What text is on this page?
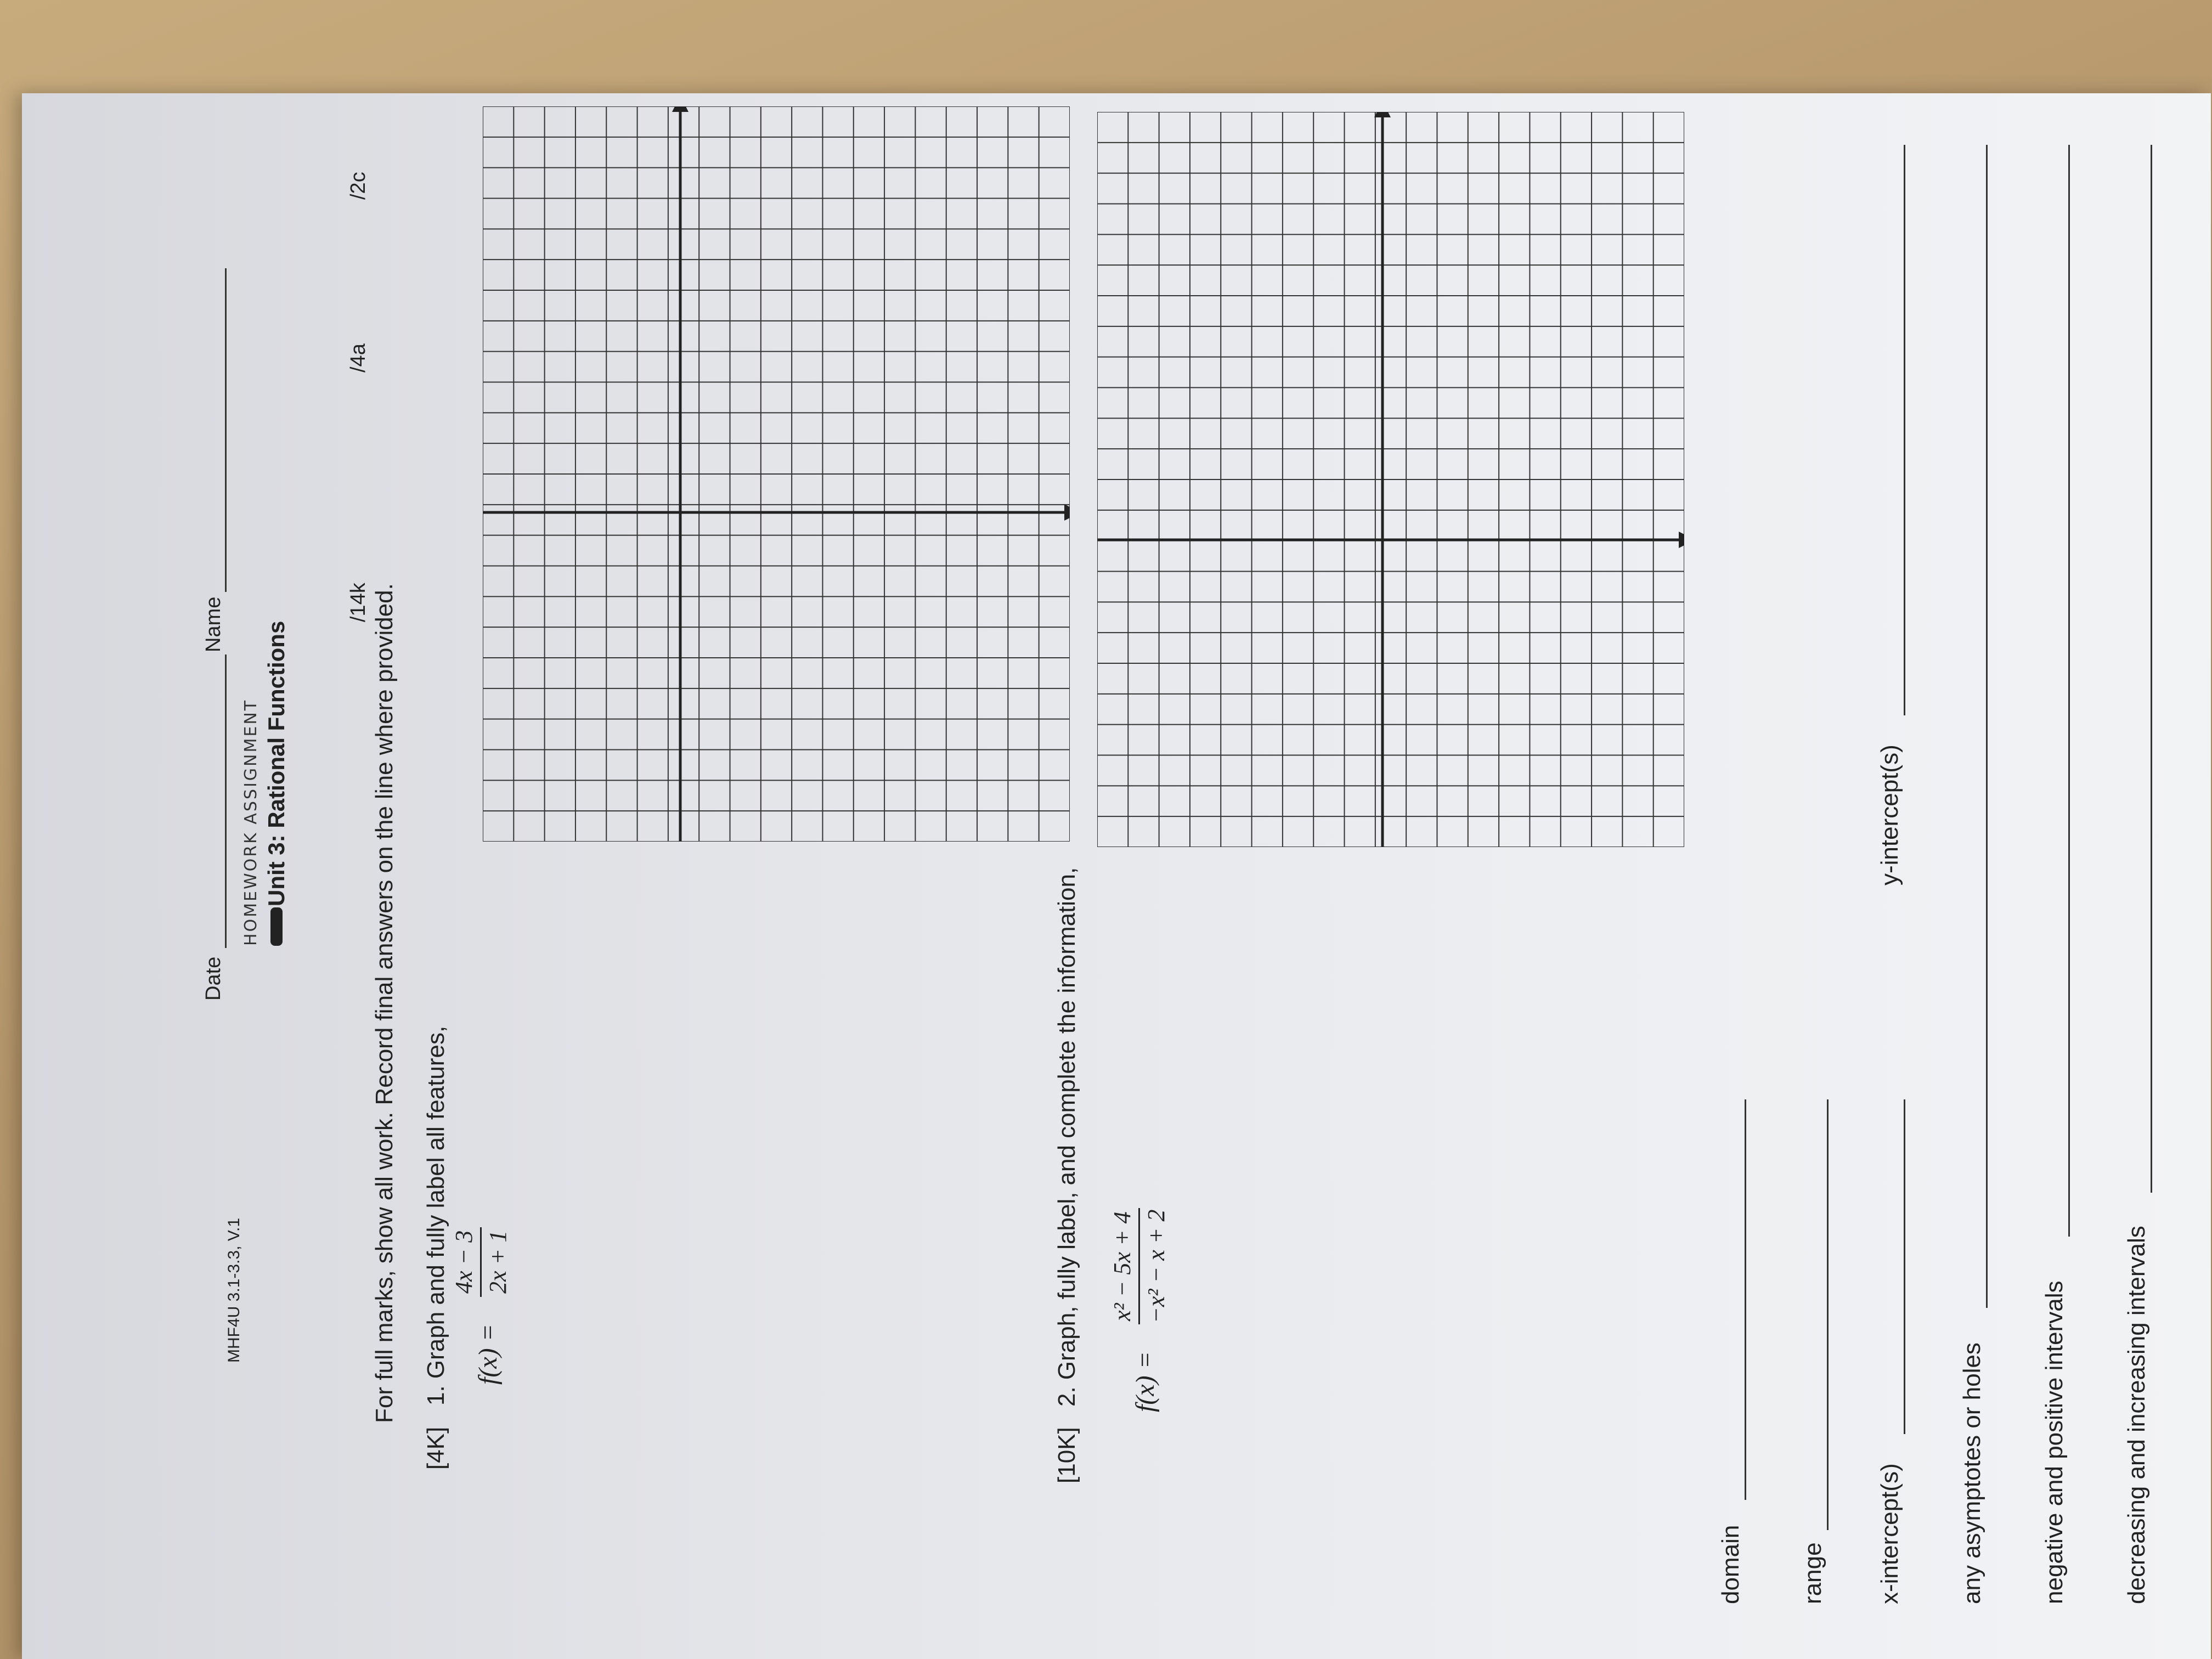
MHF4U 3.1-3.3, V.1
Date
Name
HOMEWORK ASSIGNMENT Unit 3: Rational Functions
/14k
/4a
/2c
For full marks, show all work. Record final answers on the line where provided.
[4K]
1. Graph and fully label all features, f(x) =
4x − 3 2x + 1
[10K]
2. Graph, fully label, and complete the information, f(x) =
x² − 5x + 4 −x² − x + 2
domain range x-intercept(s)
y-intercept(s)
any asymptotes or holes negative and positive intervals decreasing and increasing intervals
